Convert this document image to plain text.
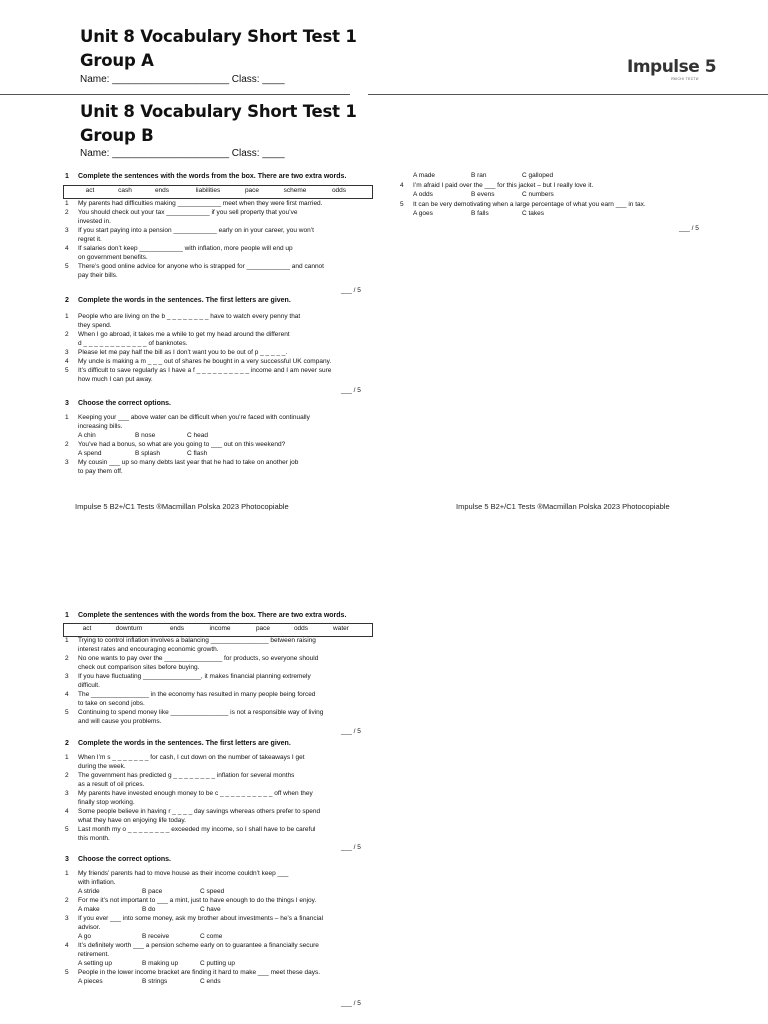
Unit 8 Vocabulary Short Test 1
Group A
Name: _____________________ Class: ____
Impulse 5
ЯКІСНІ ТЕСТИ
Unit 8 Vocabulary Short Test 1
Group B
Name: _____________________ Class: ____
Impulse 5 B2+/C1 Tests ®Macmillan Polska 2023 Photocopiable	Impulse 5 B2+/C1 Tests ®Macmillan Polska 2023 Photocopiable
1 Complete the sentences with the words from the box. There are two extra words.
act	cash	ends	liabilities	pace	scheme	odds
1	My parents had difficulties making ____________ meet when they were first married.
2	You should check out your tax ____________ if you sell property that you’ve
invested in.
3	If you start paying into a pension ____________ early on in your career, you won’t
regret it.
4	If salaries don’t keep ____________ with inflation, more people will end up
on government benefits.
5	There’s good online advice for anyone who is strapped for ____________ and cannot
pay their bills.
___ / 5
2 Complete the words in the sentences. The first letters are given.
1	People who are living on the b _ _ _ _ _ _ _ _ have to watch every penny that
they spend.
2	When I go abroad, it takes me a while to get my head around the different
d _ _ _ _ _ _ _ _ _ _ _ _ of banknotes.
3	Please let me pay half the bill as I don’t want you to be out of p _ _ _ _ _.
4	My uncle is making a m _ _ _ out of shares he bought in a very successful UK company.
5	It’s difficult to save regularly as I have a f _ _ _ _ _ _ _ _ _ _ income and I am never sure
how much I can put away.
___ / 5
3 Choose the correct options.
1	Keeping your ___ above water can be difficult when you’re faced with continually
increasing bills.
A chin	B nose	C head
2	You’ve had a bonus, so what are you going to ___ out on this weekend?
A spend	B splash	C flash
3	My cousin ___ up so many debts last year that he had to take on another job
to pay them off.
A made	B ran	C galloped
4	I’m afraid I paid over the ___ for this jacket – but I really love it.
A odds	B evens	C numbers
5	It can be very demotivating when a large percentage of what you earn ___ in tax.
A goes	B falls	C takes
___ / 5
1 Complete the sentences with the words from the box. There are two extra words.
act	downturn	ends	income	pace	odds	water
1	Trying to control inflation involves a balancing ________________ between raising
interest rates and encouraging economic growth.
2	No one wants to pay over the ________________ for products, so everyone should
check out comparison sites before buying.
3	If you have fluctuating ________________, it makes financial planning extremely
difficult.
4	The ________________ in the economy has resulted in many people being forced
to take on second jobs.
5	Continuing to spend money like ________________ is not a responsible way of living
and will cause you problems.
___ / 5
2 Complete the words in the sentences. The first letters are given.
1	When I’m s _ _ _ _ _ _ _ for cash, I cut down on the number of takeaways I get
during the week.
2	The government has predicted g _ _ _ _ _ _ _ _ inflation for several months
as a result of oil prices.
3	My parents have invested enough money to be c _ _ _ _ _ _ _ _ _ _ off when they
finally stop working.
4	Some people believe in having r _ _ _ _ day savings whereas others prefer to spend
what they have on enjoying life today.
5	Last month my o _ _ _ _ _ _ _ _ exceeded my income, so I shall have to be careful
this month.
___ / 5
3 Choose the correct options.
1	My friends’ parents had to move house as their income couldn’t keep ___
with inflation.
A stride	B pace	C speed
2	For me it’s not important to ___ a mint, just to have enough to do the things I enjoy.
A make	B do	C have
3	If you ever ___ into some money, ask my brother about investments – he’s a financial
advisor.
A go	B receive	C come
4	It’s definitely worth ___ a pension scheme early on to guarantee a financially secure
retirement.
A setting up	B making up	C putting up
5	People in the lower income bracket are finding it hard to make ___ meet these days.
A pieces	B strings	C ends
___ / 5
